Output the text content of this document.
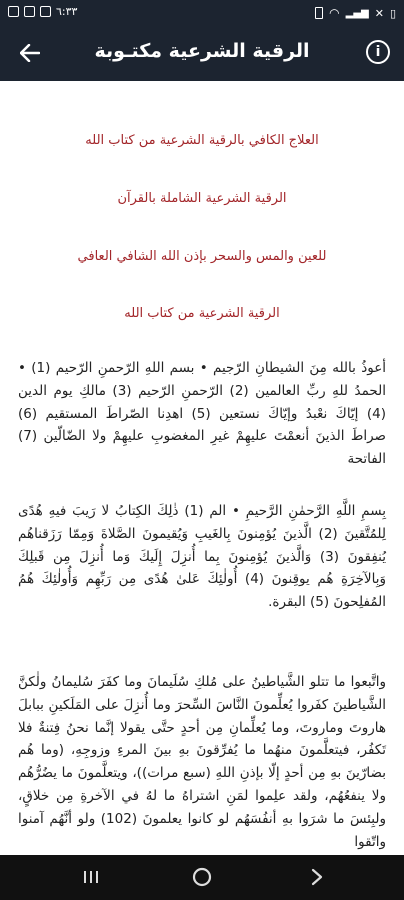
٦:٣٣	◠ ▂▄▆ ✕ ▯
الرقية الشرعية مكتـوبة	i
العلاج الكافي بالرقية الشرعية من كتاب الله
الرقية الشرعية الشاملة بالقرآن
للعين والمس والسحر بإذن الله الشافي العافي
الرقية الشرعية من كتاب الله
أعوذُ بالله مِنَ الشيطانِ الرّجيم • بسم اللهِ الرّحمنِ الرّحيم (1) • الحمدُ للهِ ربِّ العالمين (2) الرّحمنِ الرّحيم (3) مالكِ يوم الدين (4) إيّاكَ نعْبدُ وإيّاكَ نستعين (5) اهدِنا الصّراطَ المستقيم (6) صراطَ الذينَ أنعمْتَ عليهِمْ غيرِ المغضوبِ عليهِمْ ولا الضّالّين (7) الفاتحة
بِسمِ اللَّهِ الرَّحمٰنِ الرَّحيمِ • الم (1) ذٰلِكَ الكِتابُ لا رَيبَ فيهِ هُدًى لِلمُتَّقينَ (2) الَّذينَ يُؤمِنونَ بِالغَيبِ وَيُقيمونَ الصَّلاةَ وَمِمّا رَزَقناهُم يُنفِقونَ (3) وَالَّذينَ يُؤمِنونَ بِما أُنزِلَ إِلَيكَ وَما أُنزِلَ مِن قَبلِكَ وَبِالآخِرَةِ هُم يوقِنونَ (4) أُولٰئِكَ عَلىٰ هُدًى مِن رَبِّهِم وَأُولٰئِكَ هُمُ المُفلِحونَ (5) البقرة.
واتَّبعوا ما تتلو الشَّياطينُ على مُلكِ سُلَيمانَ وما كفَرَ سُليمانُ ولٰكنَّ الشَّياطينَ كفَروا يُعلِّمونَ النَّاسَ السِّحرَ وما أُنزِلَ على المَلَكينِ ببابلَ هاروتَ وماروتَ، وما يُعلِّمانِ مِن أحدٍ حتَّى يقولا إنَّما نحنُ فِتنةٌ فلا تَكفُر، فيتعلَّمونَ منهُما ما يُفرِّقونَ بهِ بينَ المرءِ وزوجِهِ، (وما هُم بضارّينَ بهِ مِن أحدٍ إلّا بإذنِ اللهِ (سبع مرات))، ويتعلَّمونَ ما يضُرُّهُم ولا ينفعُهُم، ولقد علِموا لمَنِ اشتراهُ ما لهُ في الآخرةِ مِن خلاقٍ، ولبِئسَ ما شرَوا بهِ أنفُسَهُم لو كانوا يعلمونَ (102) ولو أنَّهُم آمنوا واتّقوا
